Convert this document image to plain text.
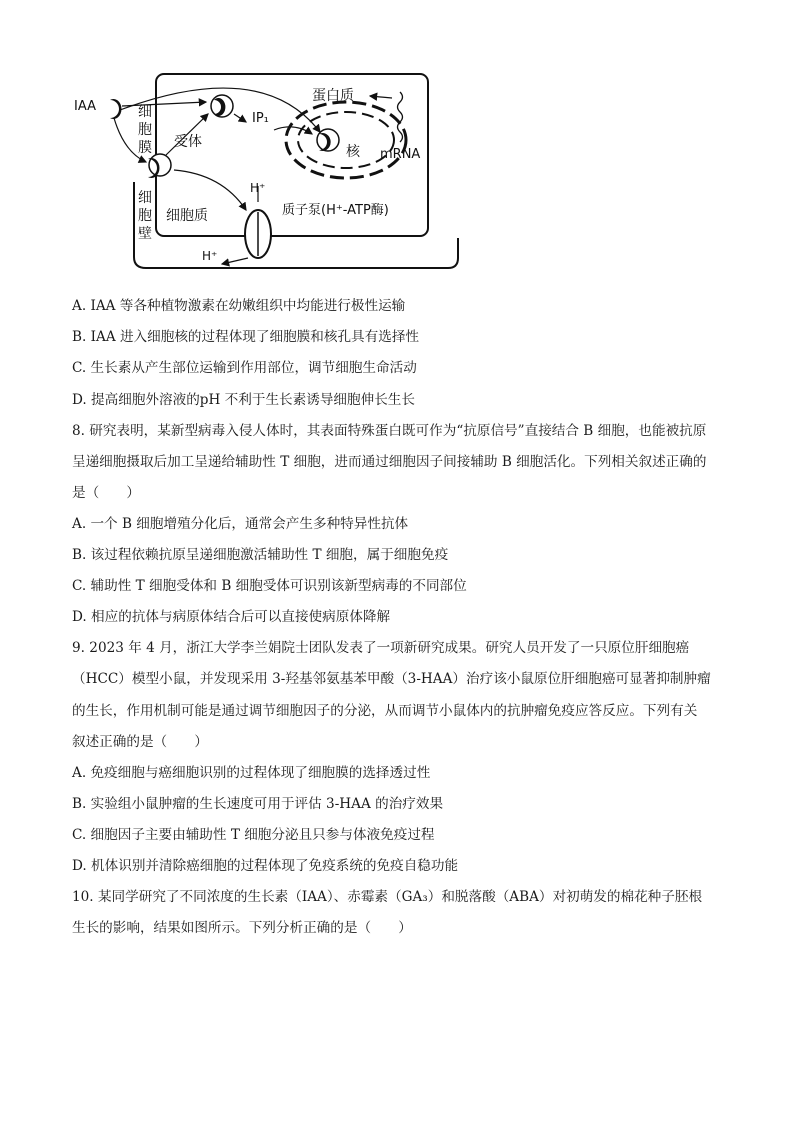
IAA	细
胞
膜
细
胞
壁
受体
IP₁
蛋白质
核 mRNA
细胞质
H⁺
H⁺
质子泵(H⁺-ATP酶)
A. IAA 等各种植物激素在幼嫩组织中均能进行极性运输
B. IAA 进入细胞核的过程体现了细胞膜和核孔具有选择性
C. 生长素从产生部位运输到作用部位，调节细胞生命活动
D. 提高细胞外溶液的pH 不利于生长素诱导细胞伸长生长
8. 研究表明，某新型病毒入侵人体时，其表面特殊蛋白既可作为“抗原信号”直接结合 B 细胞，也能被抗原
呈递细胞摄取后加工呈递给辅助性 T 细胞，进而通过细胞因子间接辅助 B 细胞活化。下列相关叙述正确的
是（　　）
A. 一个 B 细胞增殖分化后，通常会产生多种特异性抗体
B. 该过程依赖抗原呈递细胞激活辅助性 T 细胞，属于细胞免疫
C. 辅助性 T 细胞受体和 B 细胞受体可识别该新型病毒的不同部位
D. 相应的抗体与病原体结合后可以直接使病原体降解
9. 2023 年 4 月，浙江大学李兰娟院士团队发表了一项新研究成果。研究人员开发了一只原位肝细胞癌
（HCC）模型小鼠，并发现采用 3-羟基邻氨基苯甲酸（3-HAA）治疗该小鼠原位肝细胞癌可显著抑制肿瘤
的生长，作用机制可能是通过调节细胞因子的分泌，从而调节小鼠体内的抗肿瘤免疫应答反应。下列有关
叙述正确的是（　　）
A. 免疫细胞与癌细胞识别的过程体现了细胞膜的选择透过性
B. 实验组小鼠肿瘤的生长速度可用于评估 3-HAA 的治疗效果
C. 细胞因子主要由辅助性 T 细胞分泌且只参与体液免疫过程
D. 机体识别并清除癌细胞的过程体现了免疫系统的免疫自稳功能
10. 某同学研究了不同浓度的生长素（IAA）、赤霉素（GA₃）和脱落酸（ABA）对初萌发的棉花种子胚根
生长的影响，结果如图所示。下列分析正确的是（　　）
